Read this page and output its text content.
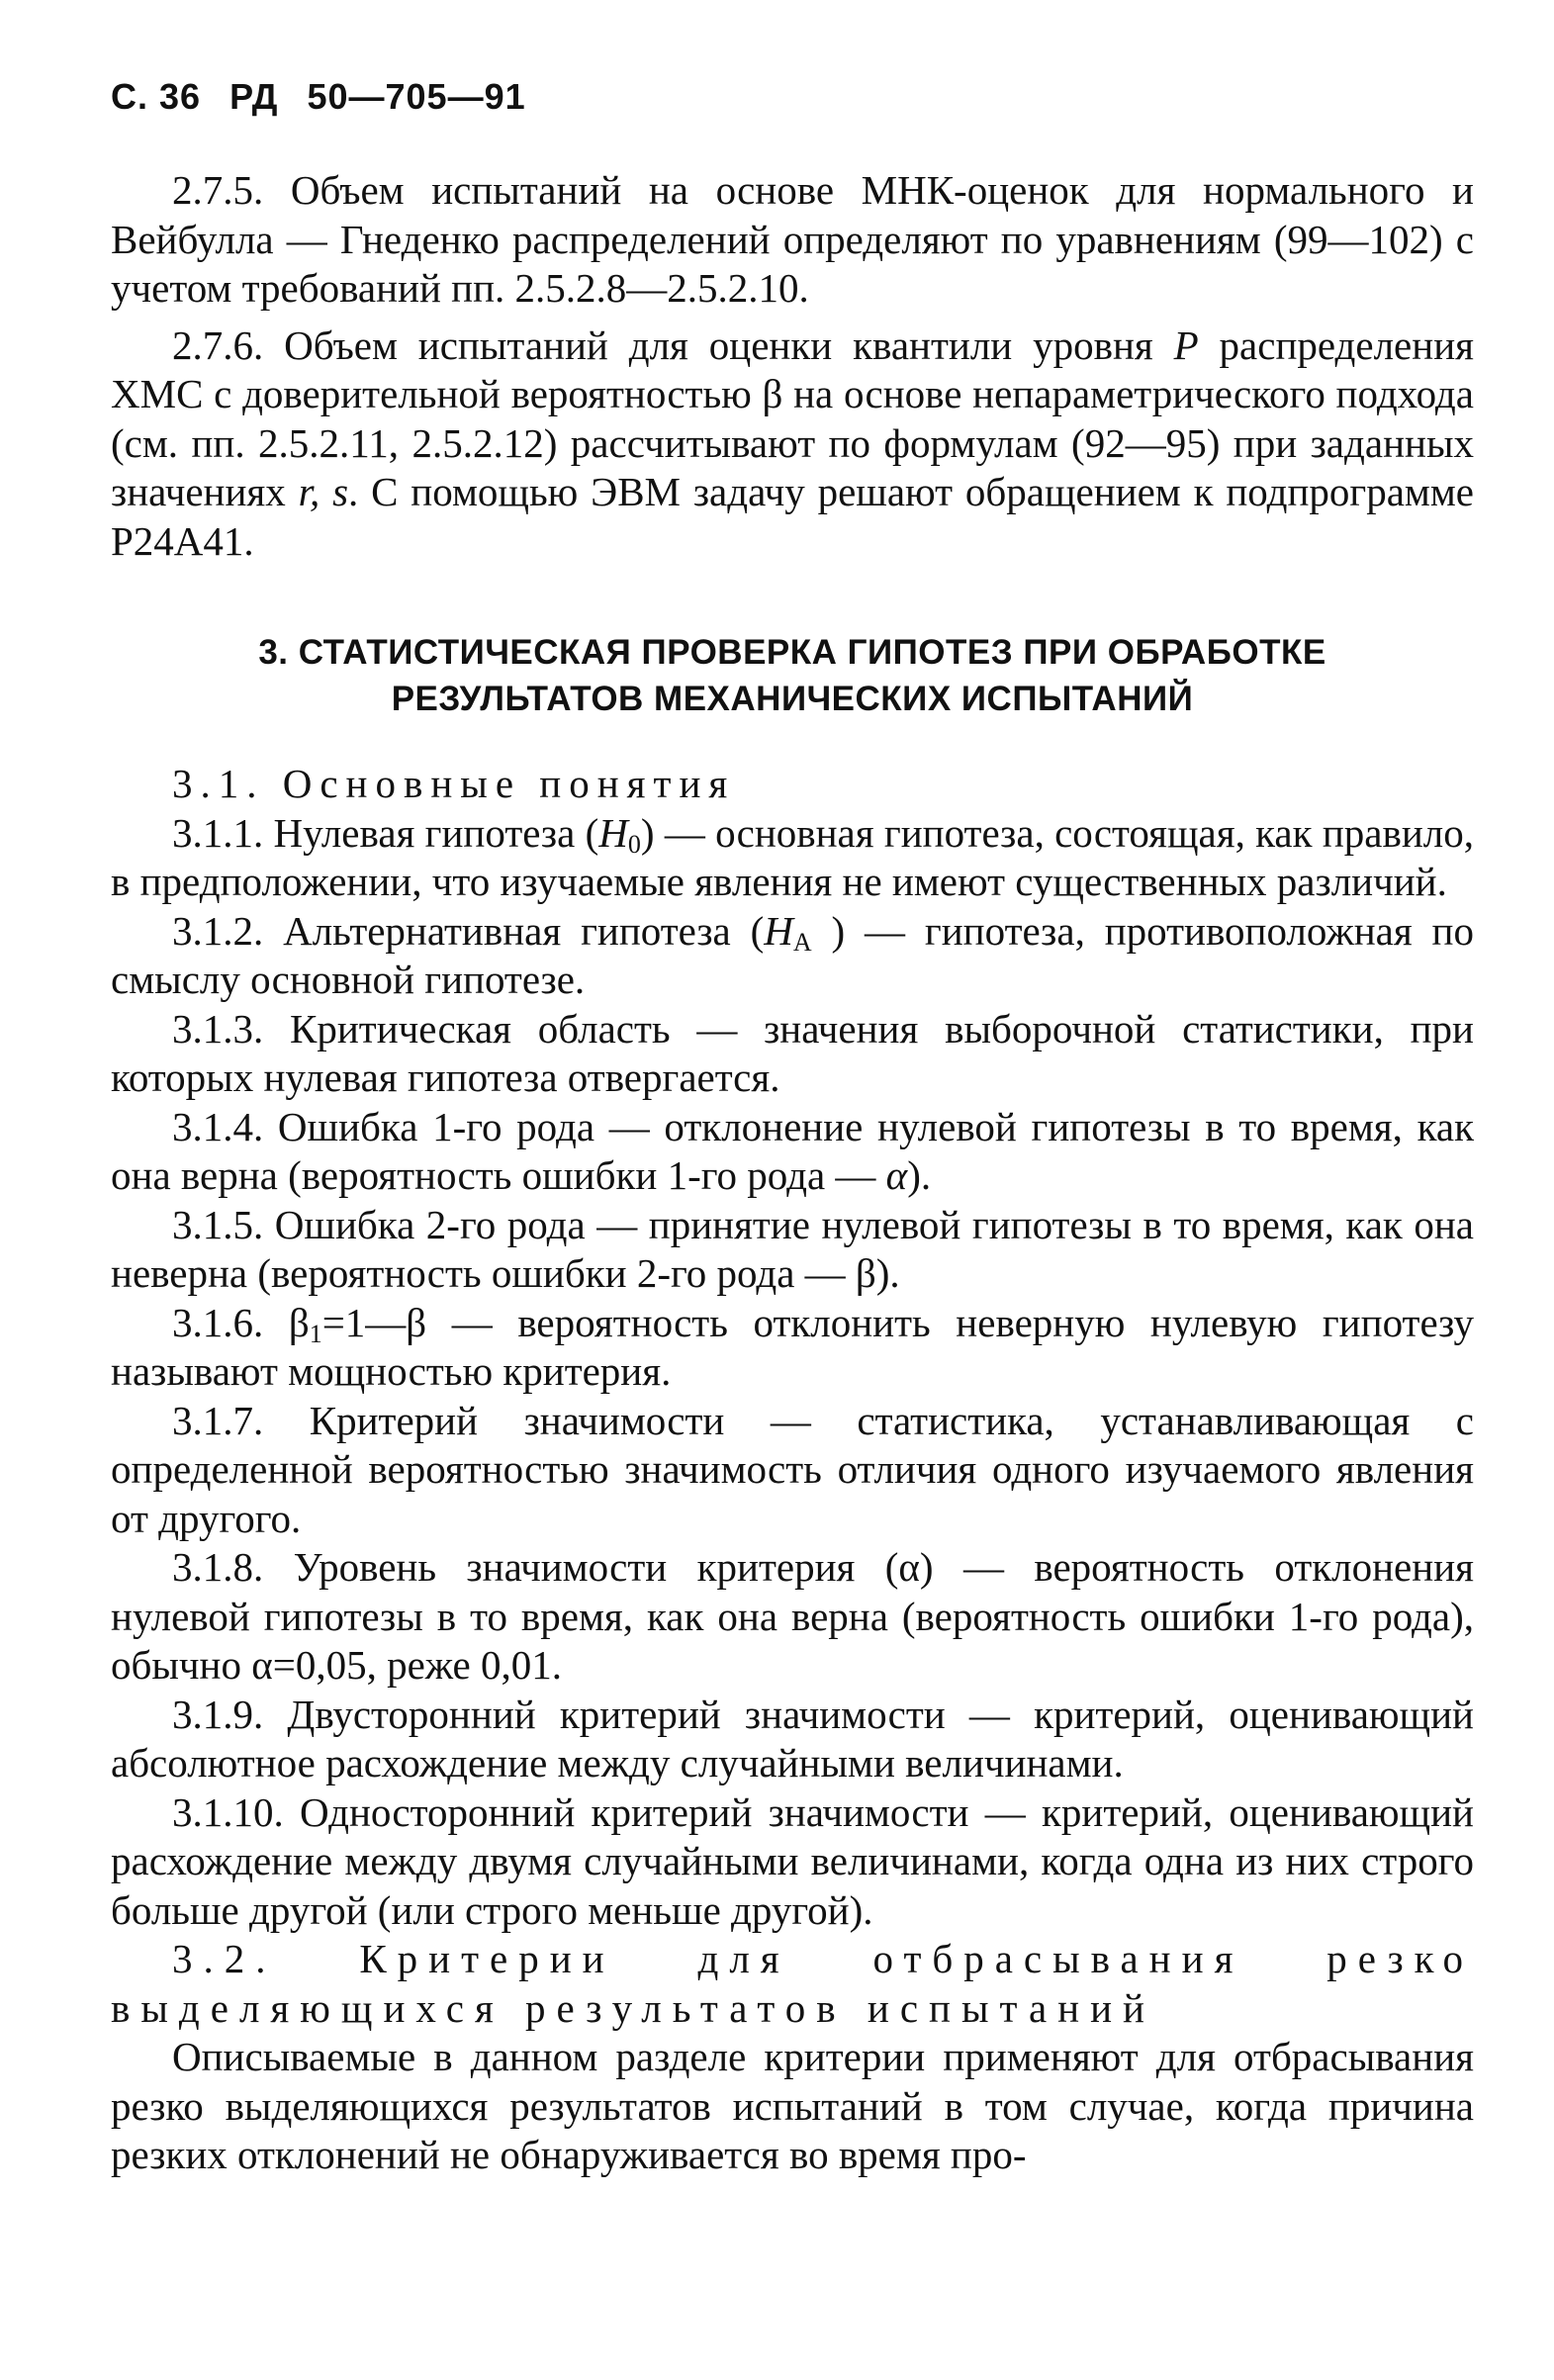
С. 36 РД 50—705—91

2.7.5. Объем испытаний на основе МНК-оценок для нормального и Вейбулла — Гнеденко распределений определяют по уравнениям (99—102) с учетом требований пп. 2.5.2.8—2.5.2.10.

2.7.6. Объем испытаний для оценки квантили уровня P распределения ХМС с доверительной вероятностью β на основе непараметрического подхода (см. пп. 2.5.2.11, 2.5.2.12) рассчитывают по формулам (92—95) при заданных значениях r, s. С помощью ЭВМ задачу решают обращением к подпрограмме P24A41.

3. СТАТИСТИЧЕСКАЯ ПРОВЕРКА ГИПОТЕЗ ПРИ ОБРАБОТКЕ
РЕЗУЛЬТАТОВ МЕХАНИЧЕСКИХ ИСПЫТАНИЙ

3.1. Основные понятия

3.1.1. Нулевая гипотеза $(H_0)$ — основная гипотеза, состоящая, как правило, в предположении, что изучаемые явления не имеют существенных различий.

3.1.2. Альтернативная гипотеза ($H_A$ ) — гипотеза, противоположная по смыслу основной гипотезе.

3.1.3. Критическая область — значения выборочной статистики, при которых нулевая гипотеза отвергается.

3.1.4. Ошибка 1-го рода — отклонение нулевой гипотезы в то время, как она верна (вероятность ошибки 1-го рода — α).

3.1.5. Ошибка 2-го рода — принятие нулевой гипотезы в то время, как она неверна (вероятность ошибки 2-го рода — β).

3.1.6. $\beta_1=1—\beta$ — вероятность отклонить неверную нулевую гипотезу называют мощностью критерия.

3.1.7. Критерий значимости — статистика, устанавливающая с определенной вероятностью значимость отличия одного изучаемого явления от другого.

3.1.8. Уровень значимости критерия (α) — вероятность отклонения нулевой гипотезы в то время, как она верна (вероятность ошибки 1-го рода), обычно α=0,05, реже 0,01.

3.1.9. Двусторонний критерий значимости — критерий, оценивающий абсолютное расхождение между случайными величинами.

3.1.10. Односторонний критерий значимости — критерий, оценивающий расхождение между двумя случайными величинами, когда одна из них строго больше другой (или строго меньше другой).

3.2. Критерии для отбрасывания резко выделяющихся результатов испытаний

Описываемые в данном разделе критерии применяют для отбрасывания резко выделяющихся результатов испытаний в том случае, когда причина резких отклонений не обнаруживается во время про-
